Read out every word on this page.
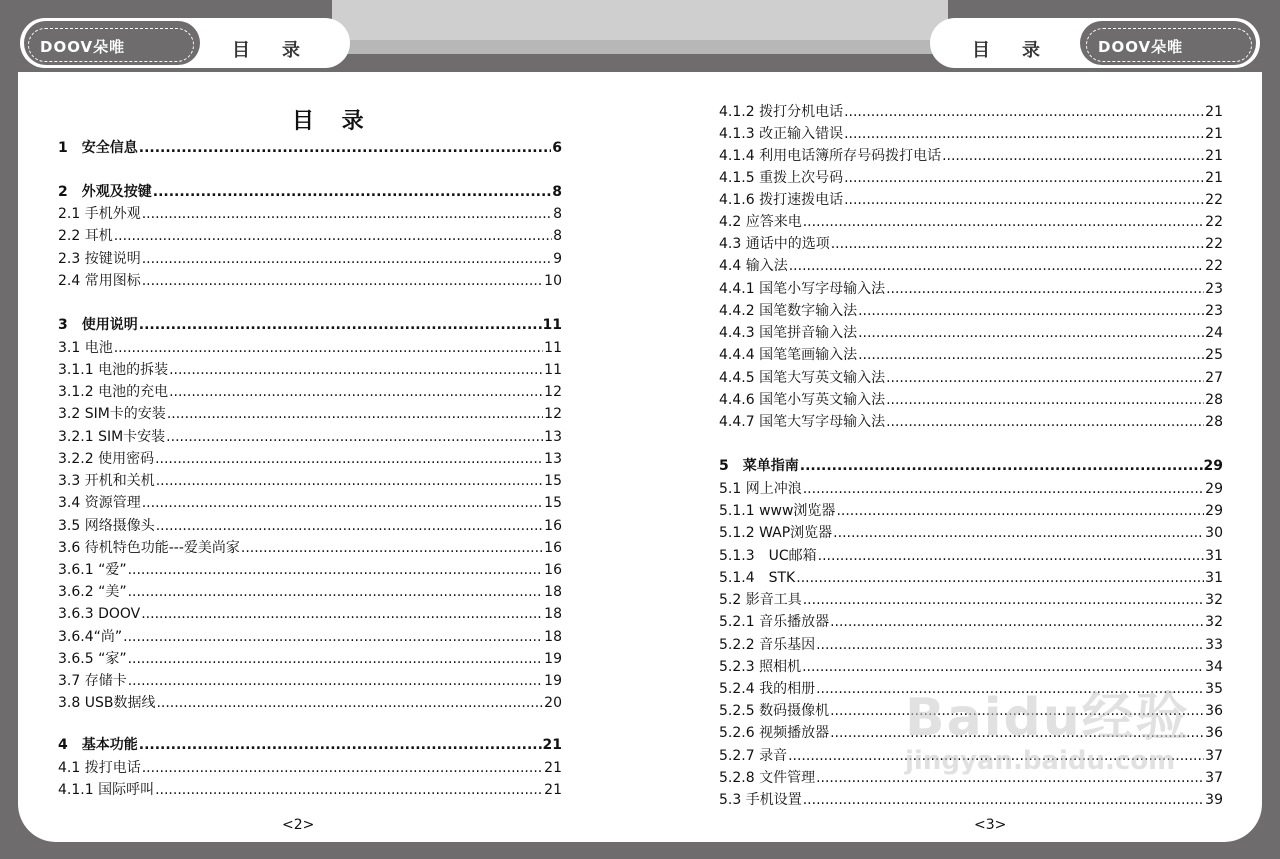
DOOV朵唯	目录	DOOV朵唯
目录
目 录
1　安全信息 .....	6
2　外观及按键 .....	8
2.1 手机外观 .....	8
2.2 耳机 .....	8
2.3 按键说明 .....	9
2.4 常用图标 .....	10
3　使用说明 .....	11
3.1 电池 .....	11
3.1.1 电池的拆装 .....	11
3.1.2 电池的充电 .....	12
3.2 SIM卡的安装 .....	12
3.2.1 SIM卡安装 .....	13
3.2.2 使用密码 .....	13
3.3 开机和关机 .....	15
3.4 资源管理 .....	15
3.5 网络摄像头 .....	16
3.6 待机特色功能---爱美尚家 .....	16
3.6.1 “爱” .....	16
3.6.2 “美” .....	18
3.6.3 DOOV .....	18
3.6.4“尚” .....	18
3.6.5 “家” .....	19
3.7 存储卡 .....	19
3.8 USB数据线 .....	20
4　基本功能 .....	21
4.1 拨打电话 .....	21
4.1.1 国际呼叫 .....	21
4.1.2 拨打分机电话 .....	21
4.1.3 改正输入错误 .....	21
4.1.4 利用电话簿所存号码拨打电话 .....	21
4.1.5 重拨上次号码 .....	21
4.1.6 拨打速拨电话 .....	22
4.2 应答来电 .....	22
4.3 通话中的选项 .....	22
4.4 输入法 .....	22
4.4.1 国笔小写字母输入法 .....	23
4.4.2 国笔数字输入法 .....	23
4.4.3 国笔拼音输入法 .....	24
4.4.4 国笔笔画输入法 .....	25
4.4.5 国笔大写英文输入法 .....	27
4.4.6 国笔小写英文输入法 .....	28
4.4.7 国笔大写字母输入法 .....	28
5　菜单指南 .....	29
5.1 网上冲浪 .....	29
5.1.1 www浏览器 .....	29
5.1.2 WAP浏览器 .....	30
5.1.3　UC邮箱 .....	31
5.1.4　STK .....	31
5.2 影音工具 .....	32
5.2.1 音乐播放器 .....	32
5.2.2 音乐基因 .....	33
5.2.3 照相机 .....	34
5.2.4 我的相册 .....	35
5.2.5 数码摄像机 .....	36
5.2.6 视频播放器 .....	36
5.2.7 录音 .....	37
5.2.8 文件管理 .....	37
5.3 手机设置 .....	39
<2>	<3>
Baidu经验
jingyan.baidu.com
